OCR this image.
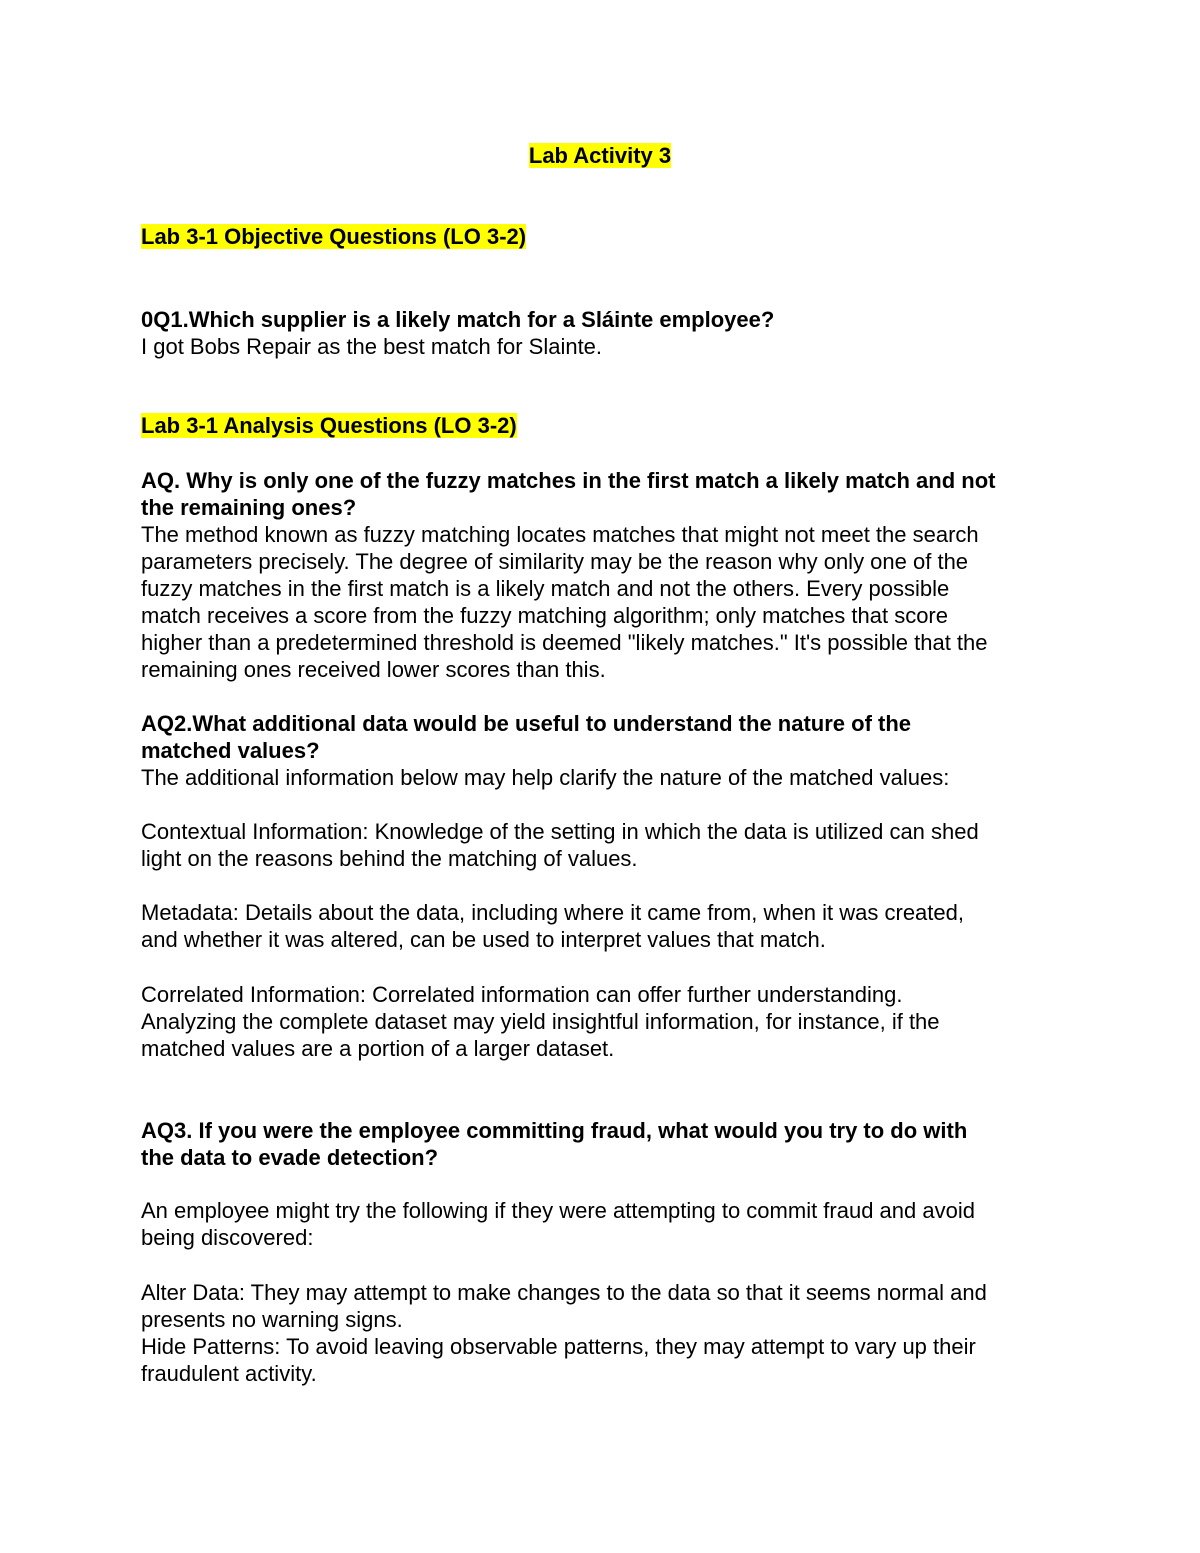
Lab Activity 3
Lab 3-1 Objective Questions (LO 3-2)

0Q1.Which supplier is a likely match for a Sláinte employee?

I got Bobs Repair as the best match for Slainte.

Lab 3-1 Analysis Questions (LO 3-2)

AQ. Why is only one of the fuzzy matches in the first match a likely match and not

the remaining ones?

The method known as fuzzy matching locates matches that might not meet the search

parameters precisely. The degree of similarity may be the reason why only one of the

fuzzy matches in the first match is a likely match and not the others. Every possible

match receives a score from the fuzzy matching algorithm; only matches that score

higher than a predetermined threshold is deemed "likely matches." It's possible that the

remaining ones received lower scores than this.

AQ2.What additional data would be useful to understand the nature of the

matched values?

The additional information below may help clarify the nature of the matched values:

Contextual Information: Knowledge of the setting in which the data is utilized can shed

light on the reasons behind the matching of values.

Metadata: Details about the data, including where it came from, when it was created,

and whether it was altered, can be used to interpret values that match.

Correlated Information: Correlated information can offer further understanding.

Analyzing the complete dataset may yield insightful information, for instance, if the

matched values are a portion of a larger dataset.

AQ3. If you were the employee committing fraud, what would you try to do with

the data to evade detection?

An employee might try the following if they were attempting to commit fraud and avoid

being discovered:

Alter Data: They may attempt to make changes to the data so that it seems normal and

presents no warning signs.

Hide Patterns: To avoid leaving observable patterns, they may attempt to vary up their

fraudulent activity.
